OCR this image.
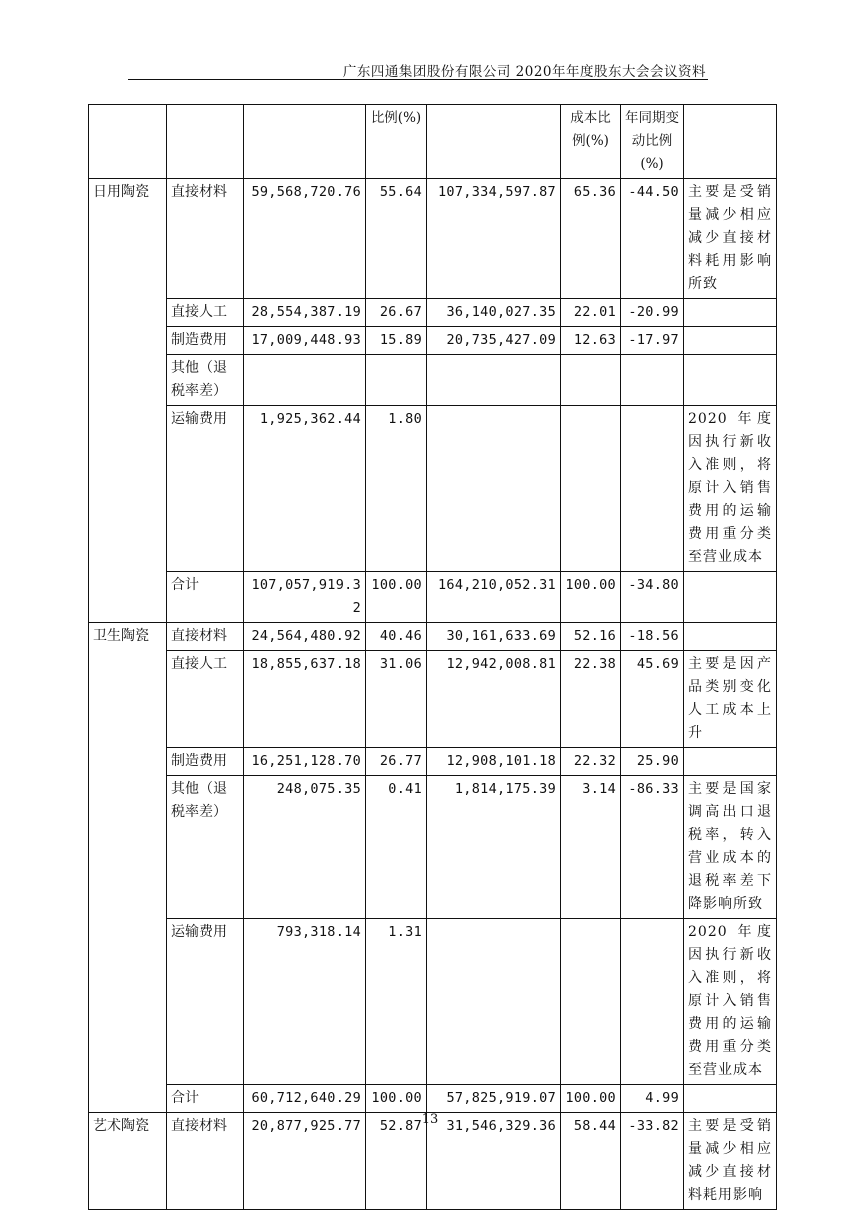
广东四通集团股份有限公司 2020年年度股东大会会议资料
			比例(%)		成本比例(%)	年同期变动比例(%)	
日用陶瓷	直接材料	59,568,720.76	55.64	107,334,597.87	65.36	-44.50	主要是受销量减少相应减少直接材料耗用影响所致
	直接人工	28,554,387.19	26.67	36,140,027.35	22.01	-20.99	
	制造费用	17,009,448.93	15.89	20,735,427.09	12.63	-17.97	
	其他（退税率差）						
	运输费用	1,925,362.44	1.80				2020 年度因执行新收入准则，将原计入销售费用的运输费用重分类至营业成本
	合计	107,057,919.32	100.00	164,210,052.31	100.00	-34.80	
卫生陶瓷	直接材料	24,564,480.92	40.46	30,161,633.69	52.16	-18.56	
	直接人工	18,855,637.18	31.06	12,942,008.81	22.38	45.69	主要是因产品类别变化人工成本上升
	制造费用	16,251,128.70	26.77	12,908,101.18	22.32	25.90	
	其他（退税率差）	248,075.35	0.41	1,814,175.39	3.14	-86.33	主要是国家调高出口退税率，转入营业成本的退税率差下降影响所致
	运输费用	793,318.14	1.31				2020 年度因执行新收入准则，将原计入销售费用的运输费用重分类至营业成本
	合计	60,712,640.29	100.00	57,825,919.07	100.00	4.99	
艺术陶瓷	直接材料	20,877,925.77	52.87	31,546,329.36	58.44	-33.82	主要是受销量减少相应减少直接材料耗用影响
13
